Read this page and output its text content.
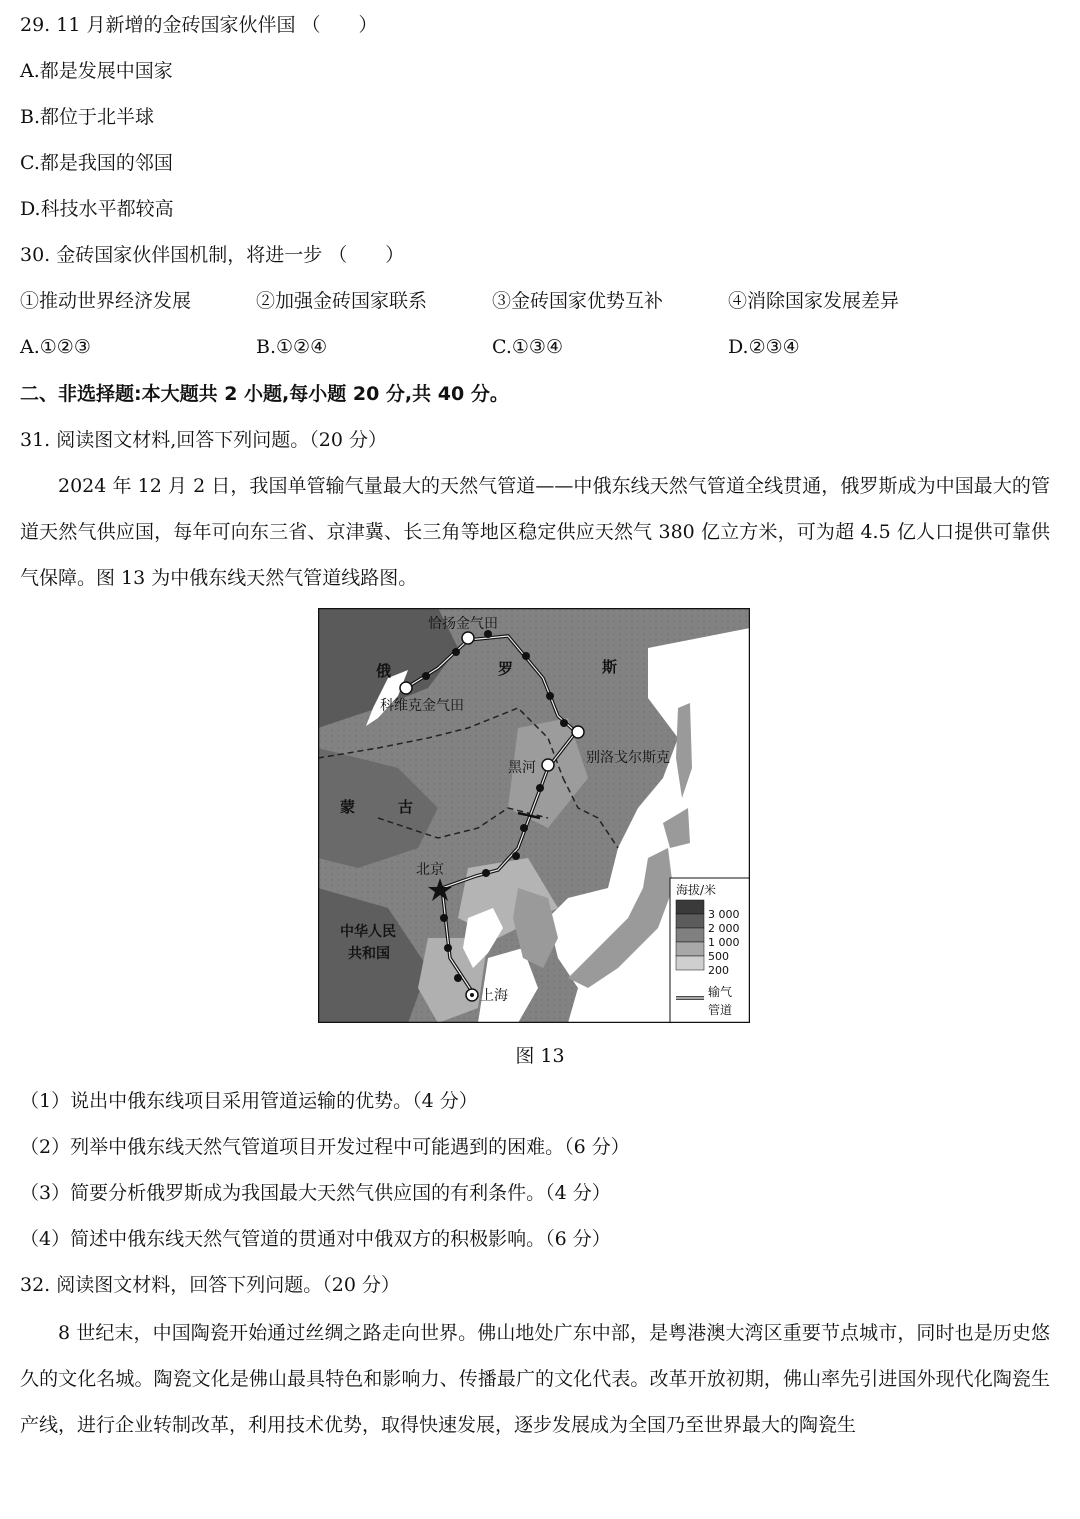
29. 11 月新增的金砖国家伙伴国 （　　）
A.都是发展中国家
B.都位于北半球
C.都是我国的邻国
D.科技水平都较高
30. 金砖国家伙伴国机制，将进一步 （　　）
①推动世界经济发展	②加强金砖国家联系	③金砖国家优势互补	④消除国家发展差异
A.①②③	B.①②④	C.①③④	D.②③④
二、非选择题:本大题共 2 小题,每小题 20 分,共 40 分。
31. 阅读图文材料,回答下列问题。（20 分）
2024 年 12 月 2 日，我国单管输气量最大的天然气管道——中俄东线天然气管道全线贯通，俄罗斯成为中国最大的管道天然气供应国，每年可向东三省、京津冀、长三角等地区稳定供应天然气 380 亿立方米，可为超 4.5 亿人口提供可靠供气保障。图 13 为中俄东线天然气管道线路图。
恰扬金气田
俄	罗	斯
科维克金气田
别洛戈尔斯克
黑河
蒙	古
北京
中华人民
共和国
上海
海拔/米
3 000
2 000
1 000
500
200
输气
管道
图 13
（1）说出中俄东线项目采用管道运输的优势。（4 分）
（2）列举中俄东线天然气管道项目开发过程中可能遇到的困难。（6 分）
（3）简要分析俄罗斯成为我国最大天然气供应国的有利条件。（4 分）
（4）简述中俄东线天然气管道的贯通对中俄双方的积极影响。（6 分）
32. 阅读图文材料，回答下列问题。（20 分）
8 世纪末，中国陶瓷开始通过丝绸之路走向世界。佛山地处广东中部，是粤港澳大湾区重要节点城市，同时也是历史悠久的文化名城。陶瓷文化是佛山最具特色和影响力、传播最广的文化代表。改革开放初期，佛山率先引进国外现代化陶瓷生产线，进行企业转制改革，利用技术优势，取得快速发展，逐步发展成为全国乃至世界最大的陶瓷生
